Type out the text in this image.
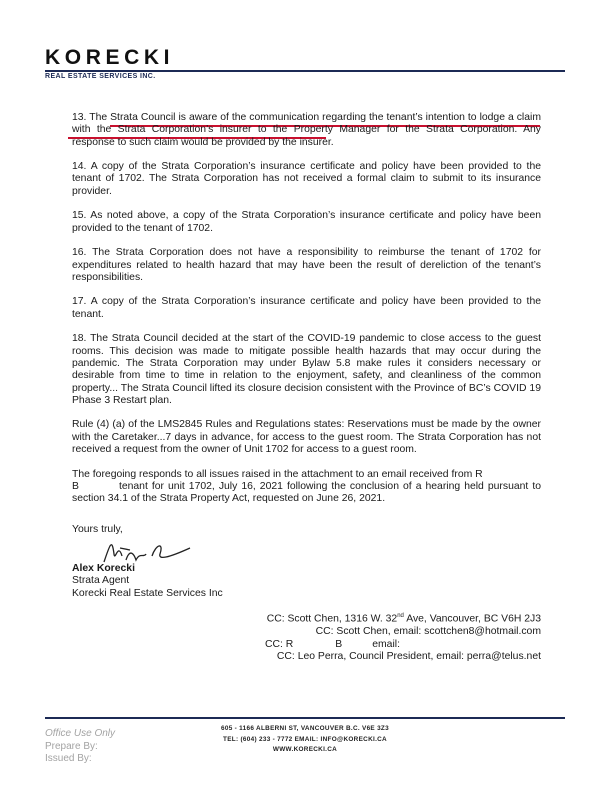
KORECKI
REAL ESTATE SERVICES INC.

13. The Strata Council is aware of the communication regarding the tenant’s intention to lodge a claim with the Strata Corporation’s insurer to the Property Manager for the Strata Corporation. Any response to such claim would be provided by the insurer.

14. A copy of the Strata Corporation’s insurance certificate and policy have been provided to the tenant of 1702. The Strata Corporation has not received a formal claim to submit to its insurance provider.

15. As noted above, a copy of the Strata Corporation’s insurance certificate and policy have been provided to the tenant of 1702.

16. The Strata Corporation does not have a responsibility to reimburse the tenant of 1702 for expenditures related to health hazard that may have been the result of dereliction of the tenant’s responsibilities.

17. A copy of the Strata Corporation’s insurance certificate and policy have been provided to the tenant.

18. The Strata Council decided at the start of the COVID-19 pandemic to close access to the guest rooms. This decision was made to mitigate possible health hazards that may occur during the pandemic. The Strata Corporation may under Bylaw 5.8 make rules it considers necessary or desirable from time to time in relation to the enjoyment, safety, and cleanliness of the common property... The Strata Council lifted its closure decision consistent with the Province of BC’s COVID 19 Phase 3 Restart plan.

Rule (4) (a) of the LMS2845 Rules and Regulations states: Reservations must be made by the owner with the Caretaker...7 days in advance, for access to the guest room. The Strata Corporation has not received a request from the owner of Unit 1702 for access to a guest room.

The foregoing responds to all issues raised in the attachment to an email received from R
B	tenant for unit 1702, July 16, 2021 following the conclusion of a hearing held pursuant to section 34.1 of the Strata Property Act, requested on June 26, 2021.

Yours truly,
Alex Korecki
Strata Agent
Korecki Real Estate Services Inc
CC: Scott Chen, 1316 W. 32nd Ave, Vancouver, BC V6H 2J3
CC: Scott Chen, email: scottchen8@hotmail.com
CC: R	B	email:
CC: Leo Perra, Council President, email: perra@telus.net
Office Use Only
Prepare By:
Issued By:
605 - 1166 ALBERNI ST, VANCOUVER B.C. V6E 3Z3
TEL: (604) 233 - 7772 EMAIL: INFO@KORECKI.CA
WWW.KORECKI.CA
